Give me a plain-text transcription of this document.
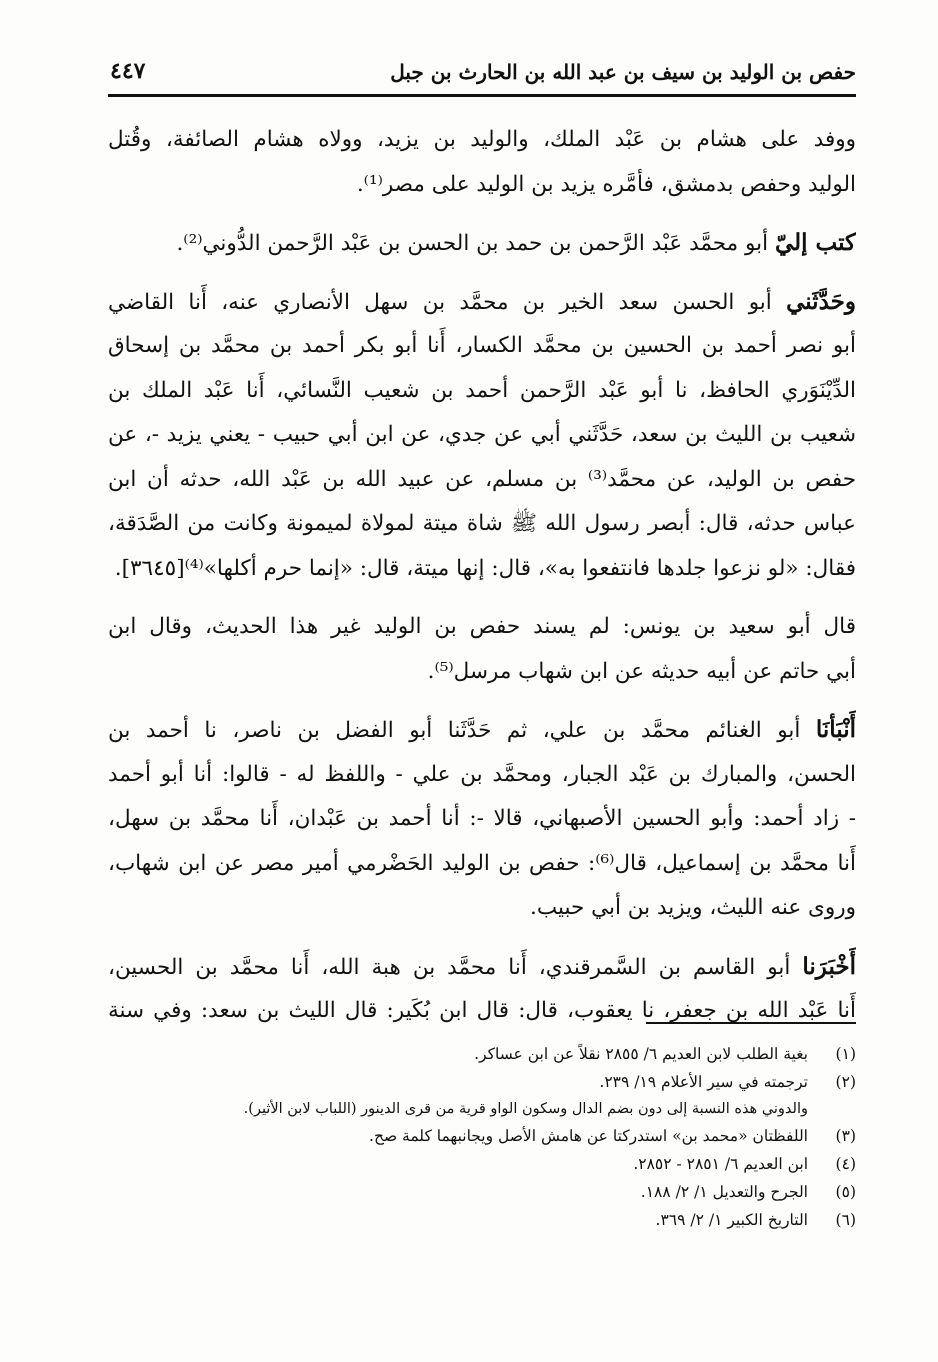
حفص بن الوليد بن سيف بن عبد الله بن الحارث بن جبل
٤٤٧
ووفد على هشام بن عَبْد الملك، والوليد بن يزيد، وولاه هشام الصائفة، وقُتل
الوليد وحفص بدمشق، فأمَّره يزيد بن الوليد على مصر⁽¹⁾.
كتب إليّ أبو محمَّد عَبْد الرَّحمن بن حمد بن الحسن بن عَبْد الرَّحمن الدُّوني⁽²⁾.
وحَدَّثَني أبو الحسن سعد الخير بن محمَّد بن سهل الأنصاري عنه، أَنا القاضي
أبو نصر أحمد بن الحسين بن محمَّد الكسار، أَنا أبو بكر أحمد بن محمَّد بن إسحاق
الدِّيْنَوَري الحافظ، نا أبو عَبْد الرَّحمن أحمد بن شعيب النَّسائي، أَنا عَبْد الملك بن
شعيب بن الليث بن سعد، حَدَّثَني أبي عن جدي، عن ابن أبي حبيب - يعني يزيد -، عن
حفص بن الوليد، عن محمَّد⁽³⁾ بن مسلم، عن عبيد الله بن عَبْد الله، حدثه أن ابن
عباس حدثه، قال: أبصر رسول الله ﷺ شاة ميتة لمولاة لميمونة وكانت من الصَّدَقة،
فقال: «لو نزعوا جلدها فانتفعوا به»، قال: إنها ميتة، قال: «إنما حرم أكلها»⁽⁴⁾[٣٦٤٥].
قال أبو سعيد بن يونس: لم يسند حفص بن الوليد غير هذا الحديث، وقال ابن
أبي حاتم عن أبيه حديثه عن ابن شهاب مرسل⁽⁵⁾.
أَنْبَأنَا أبو الغنائم محمَّد بن علي، ثم حَدَّثَنا أبو الفضل بن ناصر، نا أحمد بن
الحسن، والمبارك بن عَبْد الجبار، ومحمَّد بن علي - واللفظ له - قالوا: أنا أبو أحمد
- زاد أحمد: وأبو الحسين الأصبهاني، قالا -: أنا أحمد بن عَبْدان، أَنا محمَّد بن سهل،
أَنا محمَّد بن إسماعيل، قال⁽⁶⁾: حفص بن الوليد الحَضْرمي أمير مصر عن ابن شهاب،
وروى عنه الليث، ويزيد بن أبي حبيب.
أَخْبَرَنا أبو القاسم بن السَّمرقندي، أَنا محمَّد بن هبة الله، أَنا محمَّد بن الحسين،
أَنا عَبْد الله بن جعفر، نا يعقوب، قال: قال ابن بُكَير: قال الليث بن سعد: وفي سنة
(١)
بغية الطلب لابن العديم ٦/ ٢٨٥٥ نقلاً عن ابن عساكر.
(٢)
ترجمته في سير الأعلام ١٩/ ٢٣٩.
والدوني هذه النسبة إلى دون بضم الدال وسكون الواو قرية من قرى الدينور (اللباب لابن الأثير).
(٣)
اللفظتان «محمد بن» استدركتا عن هامش الأصل ويجانبهما كلمة صح.
(٤)
ابن العديم ٦/ ٢٨٥١ - ٢٨٥٢.
(٥)
الجرح والتعديل ١/ ٢/ ١٨٨.
(٦)
التاريخ الكبير ١/ ٢/ ٣٦٩.
